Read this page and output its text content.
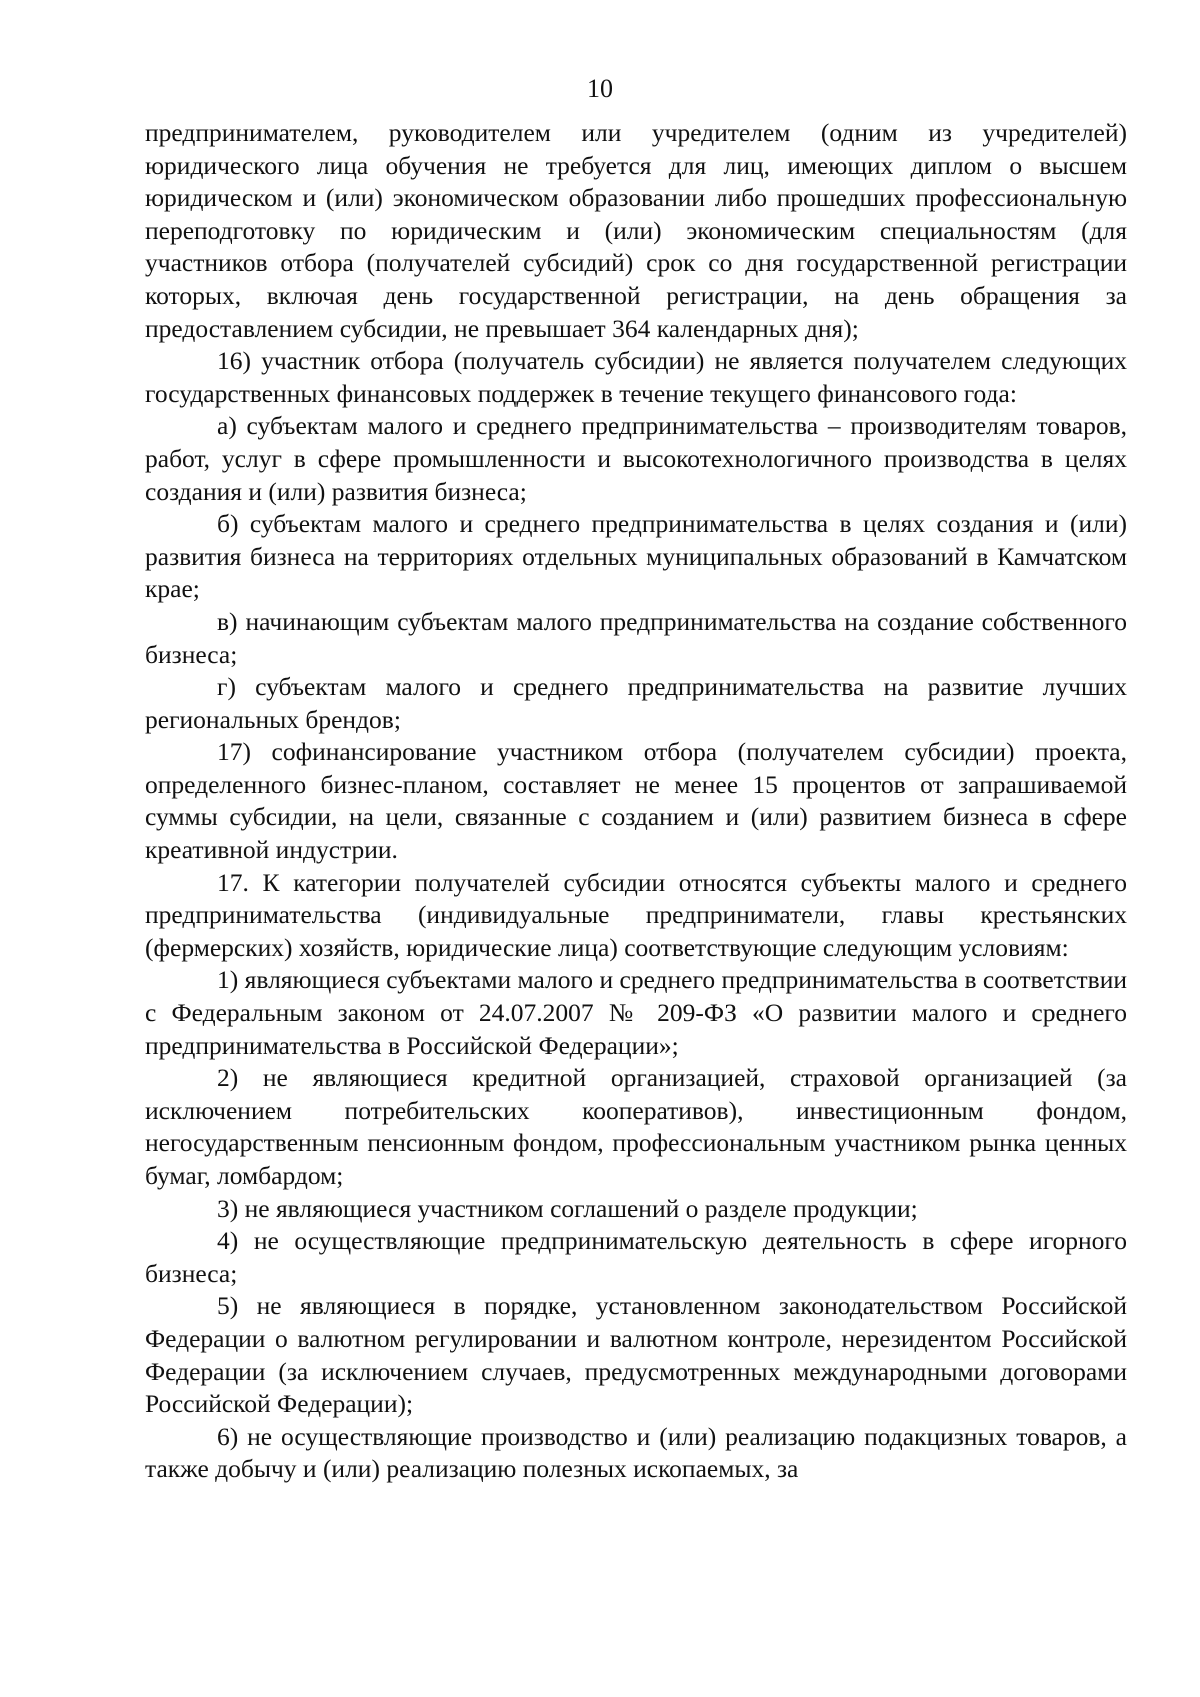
10

предпринимателем, руководителем или учредителем (одним из учредителей) юридического лица обучения не требуется для лиц, имеющих диплом о высшем юридическом и (или) экономическом образовании либо прошедших профессиональную переподготовку по юридическим и (или) экономическим специальностям (для участников отбора (получателей субсидий) срок со дня государственной регистрации которых, включая день государственной регистрации, на день обращения за предоставлением субсидии, не превышает 364 календарных дня);

16) участник отбора (получатель субсидии) не является получателем следующих государственных финансовых поддержек в течение текущего финансового года:

а) субъектам малого и среднего предпринимательства – производителям товаров, работ, услуг в сфере промышленности и высокотехнологичного производства в целях создания и (или) развития бизнеса;

б) субъектам малого и среднего предпринимательства в целях создания и (или) развития бизнеса на территориях отдельных муниципальных образований в Камчатском крае;

в) начинающим субъектам малого предпринимательства на создание собственного бизнеса;

г) субъектам малого и среднего предпринимательства на развитие лучших региональных брендов;

17) софинансирование участником отбора (получателем субсидии) проекта, определенного бизнес-планом, составляет не менее 15 процентов от запрашиваемой суммы субсидии, на цели, связанные с созданием и (или) развитием бизнеса в сфере креативной индустрии.

17. К категории получателей субсидии относятся субъекты малого и среднего предпринимательства (индивидуальные предприниматели, главы крестьянских (фермерских) хозяйств, юридические лица) соответствующие следующим условиям:

1) являющиеся субъектами малого и среднего предпринимательства в соответствии с Федеральным законом от 24.07.2007 № 209-ФЗ «О развитии малого и среднего предпринимательства в Российской Федерации»;

2) не являющиеся кредитной организацией, страховой организацией (за исключением потребительских кооперативов), инвестиционным фондом, негосударственным пенсионным фондом, профессиональным участником рынка ценных бумаг, ломбардом;

3) не являющиеся участником соглашений о разделе продукции;

4) не осуществляющие предпринимательскую деятельность в сфере игорного бизнеса;

5) не являющиеся в порядке, установленном законодательством Российской Федерации о валютном регулировании и валютном контроле, нерезидентом Российской Федерации (за исключением случаев, предусмотренных международными договорами Российской Федерации);

6) не осуществляющие производство и (или) реализацию подакцизных товаров, а также добычу и (или) реализацию полезных ископаемых, за
